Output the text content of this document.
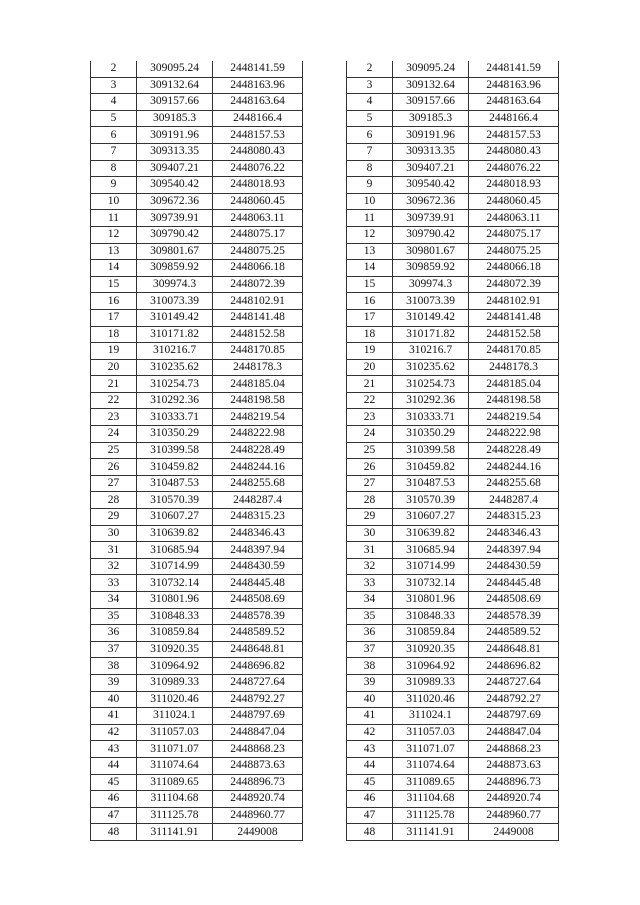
2	309095.24	2448141.59
3	309132.64	2448163.96
4	309157.66	2448163.64
5	309185.3	2448166.4
6	309191.96	2448157.53
7	309313.35	2448080.43
8	309407.21	2448076.22
9	309540.42	2448018.93
10	309672.36	2448060.45
11	309739.91	2448063.11
12	309790.42	2448075.17
13	309801.67	2448075.25
14	309859.92	2448066.18
15	309974.3	2448072.39
16	310073.39	2448102.91
17	310149.42	2448141.48
18	310171.82	2448152.58
19	310216.7	2448170.85
20	310235.62	2448178.3
21	310254.73	2448185.04
22	310292.36	2448198.58
23	310333.71	2448219.54
24	310350.29	2448222.98
25	310399.58	2448228.49
26	310459.82	2448244.16
27	310487.53	2448255.68
28	310570.39	2448287.4
29	310607.27	2448315.23
30	310639.82	2448346.43
31	310685.94	2448397.94
32	310714.99	2448430.59
33	310732.14	2448445.48
34	310801.96	2448508.69
35	310848.33	2448578.39
36	310859.84	2448589.52
37	310920.35	2448648.81
38	310964.92	2448696.82
39	310989.33	2448727.64
40	311020.46	2448792.27
41	311024.1	2448797.69
42	311057.03	2448847.04
43	311071.07	2448868.23
44	311074.64	2448873.63
45	311089.65	2448896.73
46	311104.68	2448920.74
47	311125.78	2448960.77
48	311141.91	2449008
2	309095.24	2448141.59
3	309132.64	2448163.96
4	309157.66	2448163.64
5	309185.3	2448166.4
6	309191.96	2448157.53
7	309313.35	2448080.43
8	309407.21	2448076.22
9	309540.42	2448018.93
10	309672.36	2448060.45
11	309739.91	2448063.11
12	309790.42	2448075.17
13	309801.67	2448075.25
14	309859.92	2448066.18
15	309974.3	2448072.39
16	310073.39	2448102.91
17	310149.42	2448141.48
18	310171.82	2448152.58
19	310216.7	2448170.85
20	310235.62	2448178.3
21	310254.73	2448185.04
22	310292.36	2448198.58
23	310333.71	2448219.54
24	310350.29	2448222.98
25	310399.58	2448228.49
26	310459.82	2448244.16
27	310487.53	2448255.68
28	310570.39	2448287.4
29	310607.27	2448315.23
30	310639.82	2448346.43
31	310685.94	2448397.94
32	310714.99	2448430.59
33	310732.14	2448445.48
34	310801.96	2448508.69
35	310848.33	2448578.39
36	310859.84	2448589.52
37	310920.35	2448648.81
38	310964.92	2448696.82
39	310989.33	2448727.64
40	311020.46	2448792.27
41	311024.1	2448797.69
42	311057.03	2448847.04
43	311071.07	2448868.23
44	311074.64	2448873.63
45	311089.65	2448896.73
46	311104.68	2448920.74
47	311125.78	2448960.77
48	311141.91	2449008
